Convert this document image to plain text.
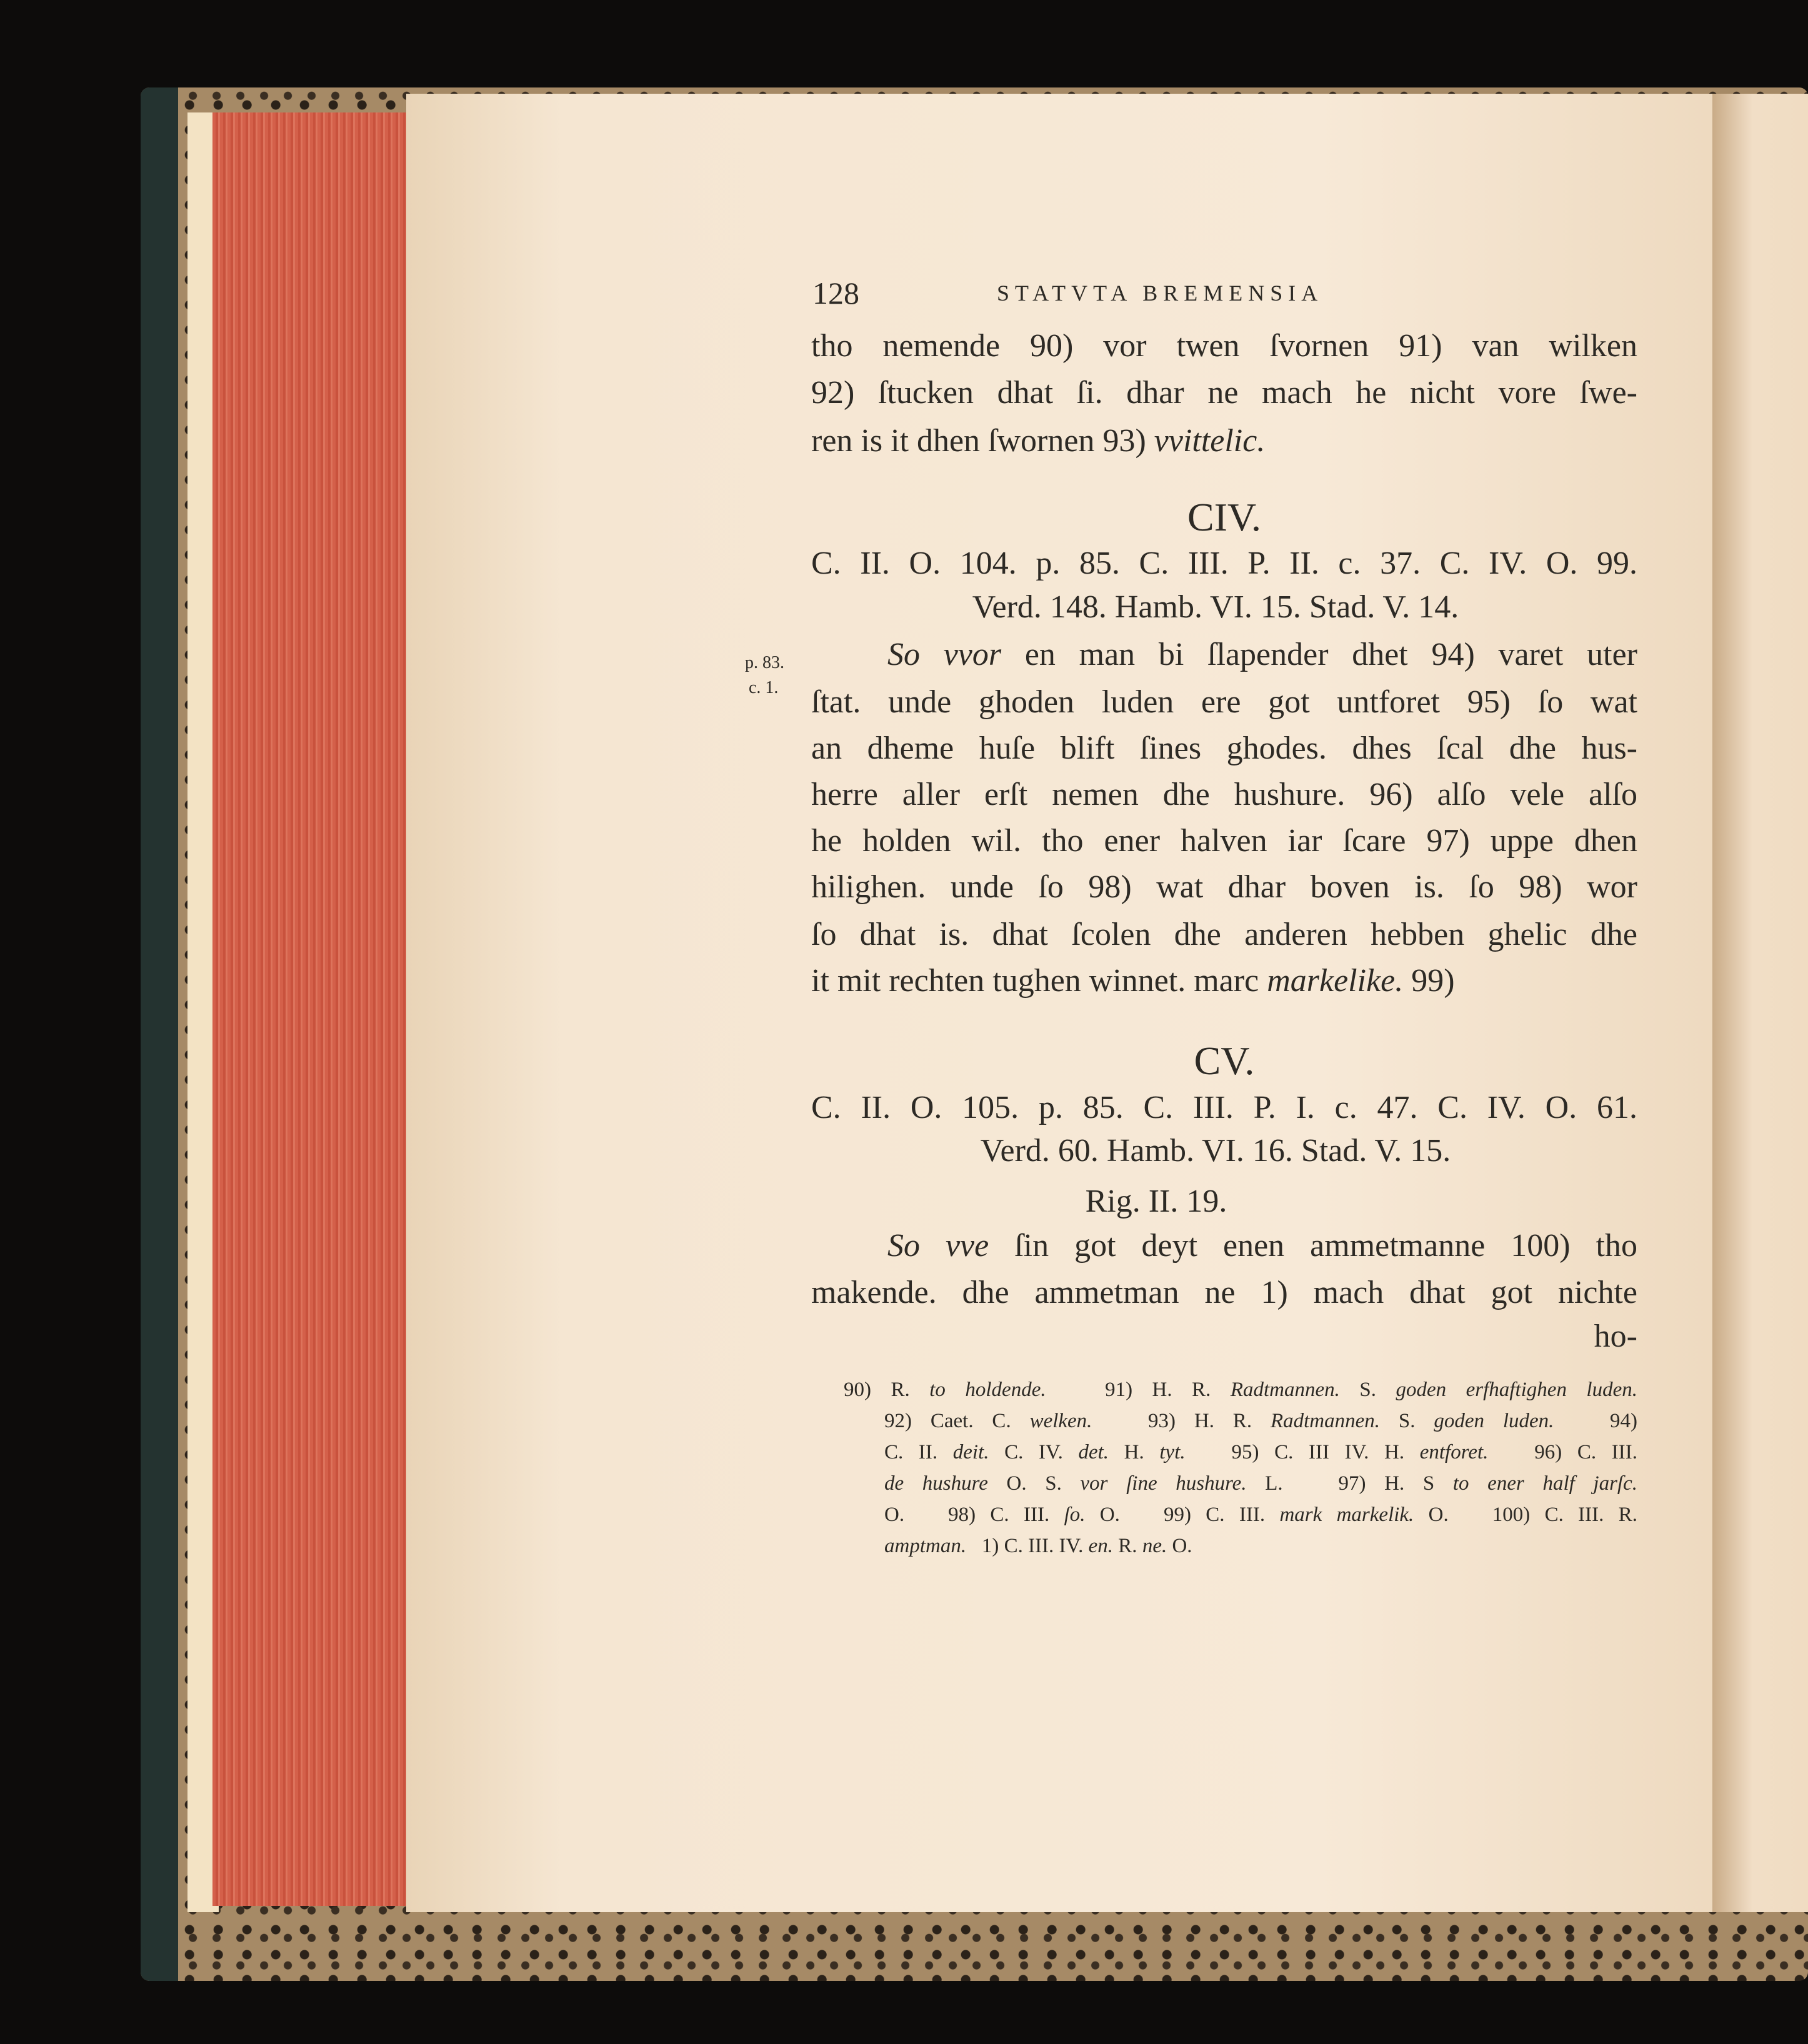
128	STATVTA BREMENSIA
p. 83.
c. 1.
tho nemende 90) vor twen ſvornen 91) van wilken
92) ſtucken dhat ſi. dhar ne mach he nicht vore ſwe-
ren is it dhen ſwornen 93) vvittelic.
CIV.
C. II. O. 104. p. 85. C. III. P. II. c. 37. C. IV. O. 99.
Verd. 148. Hamb. VI. 15. Stad. V. 14.
So vvor en man bi ſlapender dhet 94) varet uter
ſtat. unde ghoden luden ere got untforet 95) ſo wat
an dheme huſe blift ſines ghodes. dhes ſcal dhe hus-
herre aller erſt nemen dhe hushure. 96) alſo vele alſo
he holden wil. tho ener halven iar ſcare 97) uppe dhen
hilighen. unde ſo 98) wat dhar boven is. ſo 98) wor
ſo dhat is. dhat ſcolen dhe anderen hebben ghelic dhe
it mit rechten tughen winnet. marc markelike. 99)
CV.
C. II. O. 105. p. 85. C. III. P. I. c. 47. C. IV. O. 61.
Verd. 60. Hamb. VI. 16. Stad. V. 15.
Rig. II. 19.
So vve ſin got deyt enen ammetmanne 100) tho
makende. dhe ammetman ne 1) mach dhat got nichte
ho-
90) R. to holdende.   91) H. R. Radtmannen. S. goden erfhaftighen luden.
92) Caet. C. welken.   93) H. R. Radtmannen. S. goden luden.   94)
C. II. deit. C. IV. det. H. tyt.   95) C. III IV. H. entforet.   96) C. III.
de hushure O. S. vor ſine hushure. L.   97) H. S to ener half jarſc.
O.   98) C. III. ſo. O.   99) C. III. mark markelik. O.   100) C. III. R.
amptman.   1) C. III. IV. en. R. ne. O.
